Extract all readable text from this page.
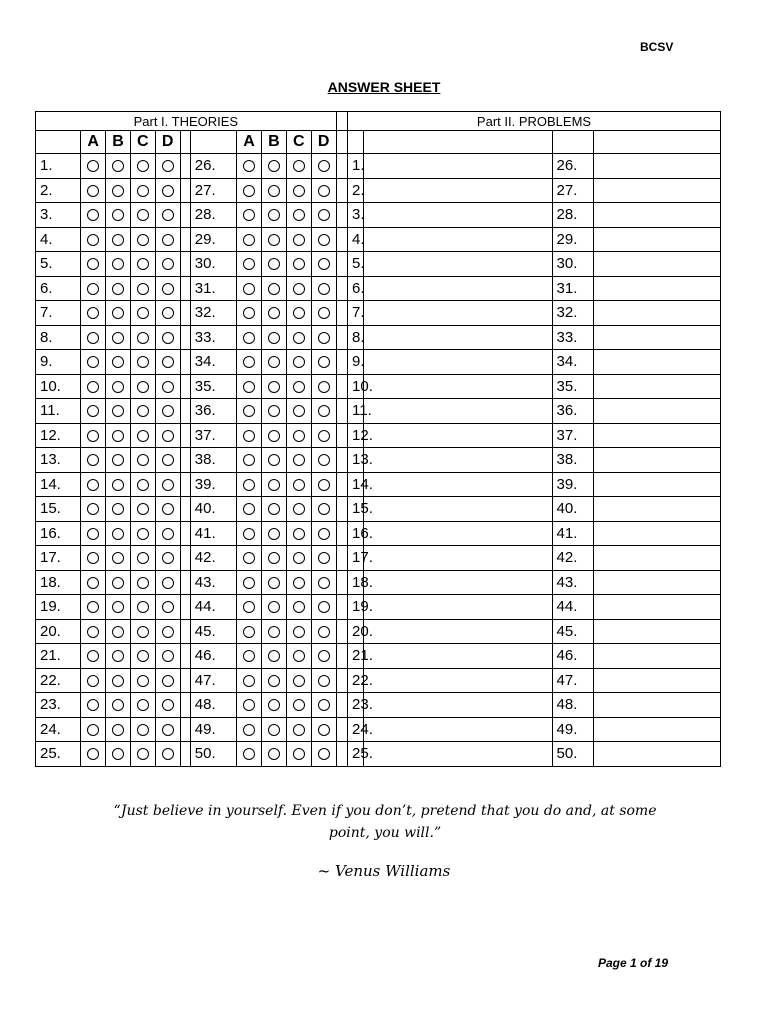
BCSV
ANSWER SHEET
Part I. THEORIES												Part II. PROBLEMS			
	A	B	C	D			A	B	C	D					
1.						26.						1.		26.	
2.						27.						2.		27.	
3.						28.						3.		28.	
4.						29.						4.		29.	
5.						30.						5.		30.	
6.						31.						6.		31.	
7.						32.						7.		32.	
8.						33.						8.		33.	
9.						34.						9.		34.	
10.						35.						10.		35.	
11.						36.						11.		36.	
12.						37.						12.		37.	
13.						38.						13.		38.	
14.						39.						14.		39.	
15.						40.						15.		40.	
16.						41.						16.		41.	
17.						42.						17.		42.	
18.						43.						18.		43.	
19.						44.						19.		44.	
20.						45.						20.		45.	
21.						46.						21.		46.	
22.						47.						22.		47.	
23.						48.						23.		48.	
24.						49.						24.		49.	
25.						50.						25.		50.	
“Just believe in yourself. Even if you don’t, pretend that you do and, at some point, you will.”
~ Venus Williams
Page 1 of 19
